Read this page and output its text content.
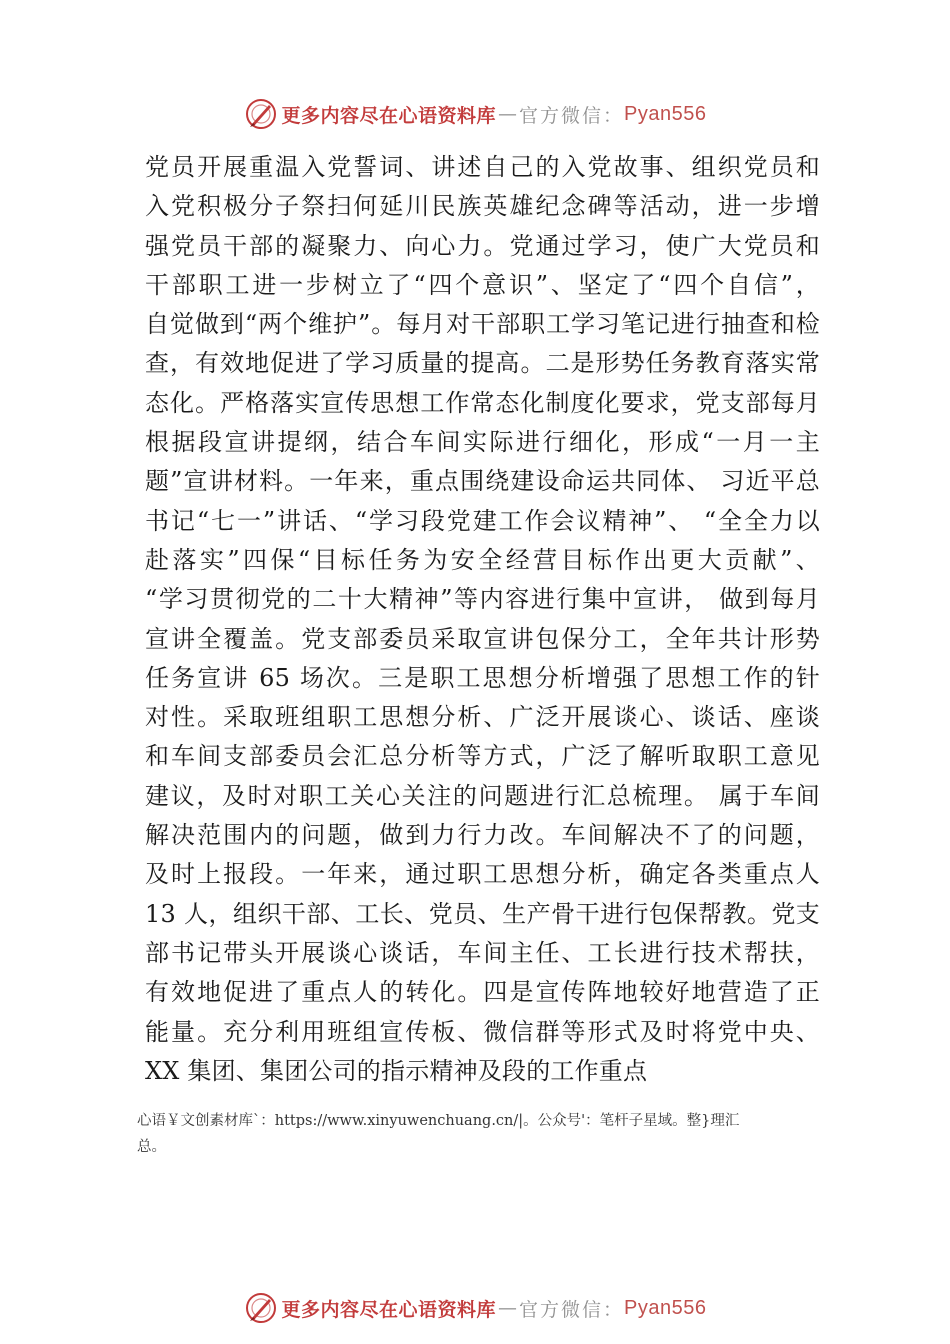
更多内容尽在心语资料库 — 官方微信： Pyan556
党员开展重温入党誓词、讲述自己的入党故事、组织党员和
入党积极分子祭扫何延川民族英雄纪念碑等活动，进一步增
强党员干部的凝聚力、向心力。党通过学习，使广大党员和
干部职工进一步树立了“四个意识”、坚定了“四个自信”，
自觉做到“两个维护”。每月对干部职工学习笔记进行抽查和检
查，有效地促进了学习质量的提高。二是形势任务教育落实常
态化。严格落实宣传思想工作常态化制度化要求，党支部每月
根据段宣讲提纲，结合车间实际进行细化，形成“一月一主
题”宣讲材料。一年来，重点围绕建设命运共同体、 习近平总
书记“七一”讲话、“学习段党建工作会议精神”、 “全全力以
赴落实”四保“目标任务为安全经营目标作出更大贡献”、
“学习贯彻党的二十大精神”等内容进行集中宣讲， 做到每月
宣讲全覆盖。党支部委员采取宣讲包保分工，全年共计形势
任务宣讲 65 场次。三是职工思想分析增强了思想工作的针
对性。采取班组职工思想分析、广泛开展谈心、谈话、座谈
和车间支部委员会汇总分析等方式，广泛了解听取职工意见
建议，及时对职工关心关注的问题进行汇总梳理。 属于车间
解决范围内的问题，做到力行力改。车间解决不了的问题，
及时上报段。一年来，通过职工思想分析，确定各类重点人
13 人，组织干部、工长、党员、生产骨干进行包保帮教。党支
部书记带头开展谈心谈话，车间主任、工长进行技术帮扶，
有效地促进了重点人的转化。四是宣传阵地较好地营造了正
能量。充分利用班组宣传板、微信群等形式及时将党中央、
XX 集团、集团公司的指示精神及段的工作重点
心语￥文创素材库`：https://www.xinyuwenchuang.cn/|。公众号'：笔杆子星域。整}理汇
总。
更多内容尽在心语资料库 — 官方微信： Pyan556
